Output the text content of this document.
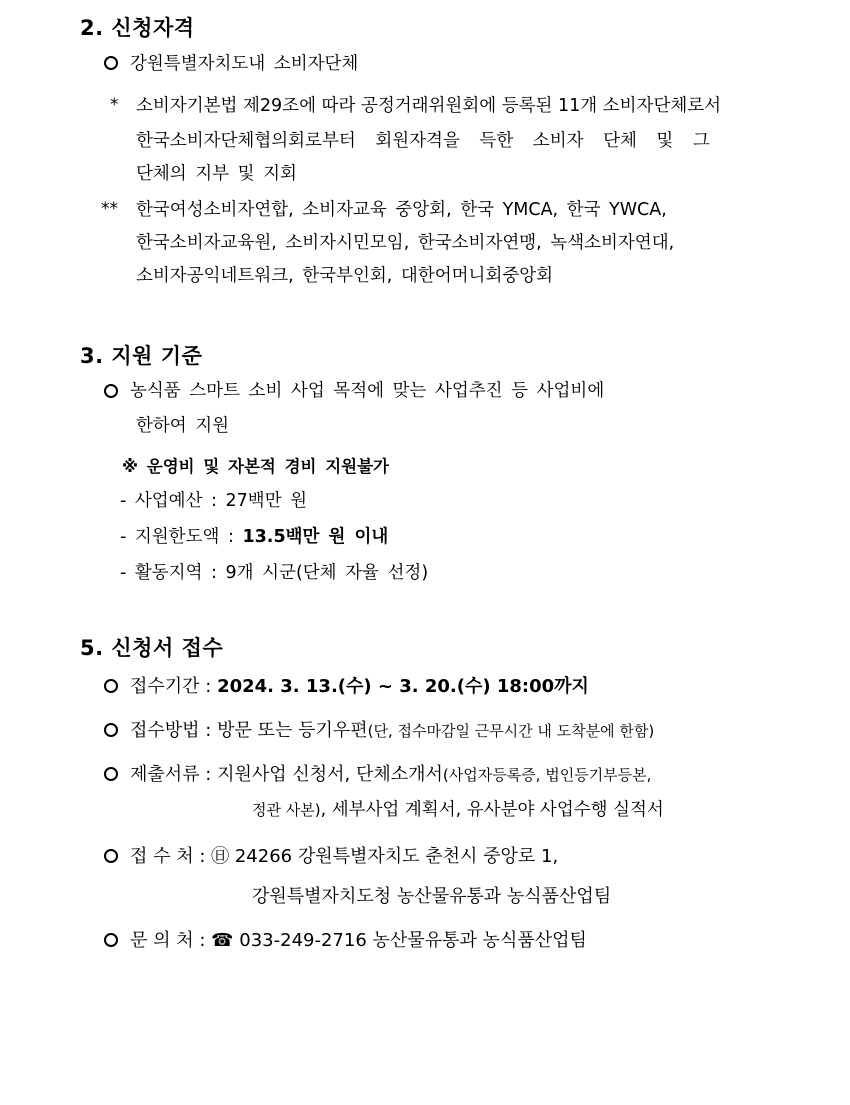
2. 신청자격
강원특별자치도내 소비자단체
* 소비자기본법 제29조에 따라 공정거래위원회에 등록된 11개 소비자단체로서
한국소비자단체협의회로부터 회원자격을 득한 소비자 단체 및 그
단체의 지부 및 지회
** 한국여성소비자연합, 소비자교육 중앙회, 한국 YMCA, 한국 YWCA,
한국소비자교육원, 소비자시민모임, 한국소비자연맹, 녹색소비자연대,
소비자공익네트워크, 한국부인회, 대한어머니회중앙회
3. 지원 기준
농식품 스마트 소비 사업 목적에 맞는 사업추진 등 사업비에
한하여 지원
※ 운영비 및 자본적 경비 지원불가
- 사업예산 : 27백만 원
- 지원한도액 : 13.5백만 원 이내
- 활동지역 : 9개 시군(단체 자율 선정)
5. 신청서 접수
접수기간 : 2024. 3. 13.(수) ~ 3. 20.(수) 18:00까지
접수방법 : 방문 또는 등기우편(단, 접수마감일 근무시간 내 도착분에 한함)
제출서류 : 지원사업 신청서, 단체소개서(사업자등록증, 법인등기부등본,
정관 사본), 세부사업 계획서, 유사분야 사업수행 실적서
접 수 처 : ㊐ 24266 강원특별자치도 춘천시 중앙로 1,
강원특별자치도청 농산물유통과 농식품산업팀
문 의 처 : ☎ 033-249-2716 농산물유통과 농식품산업팀
